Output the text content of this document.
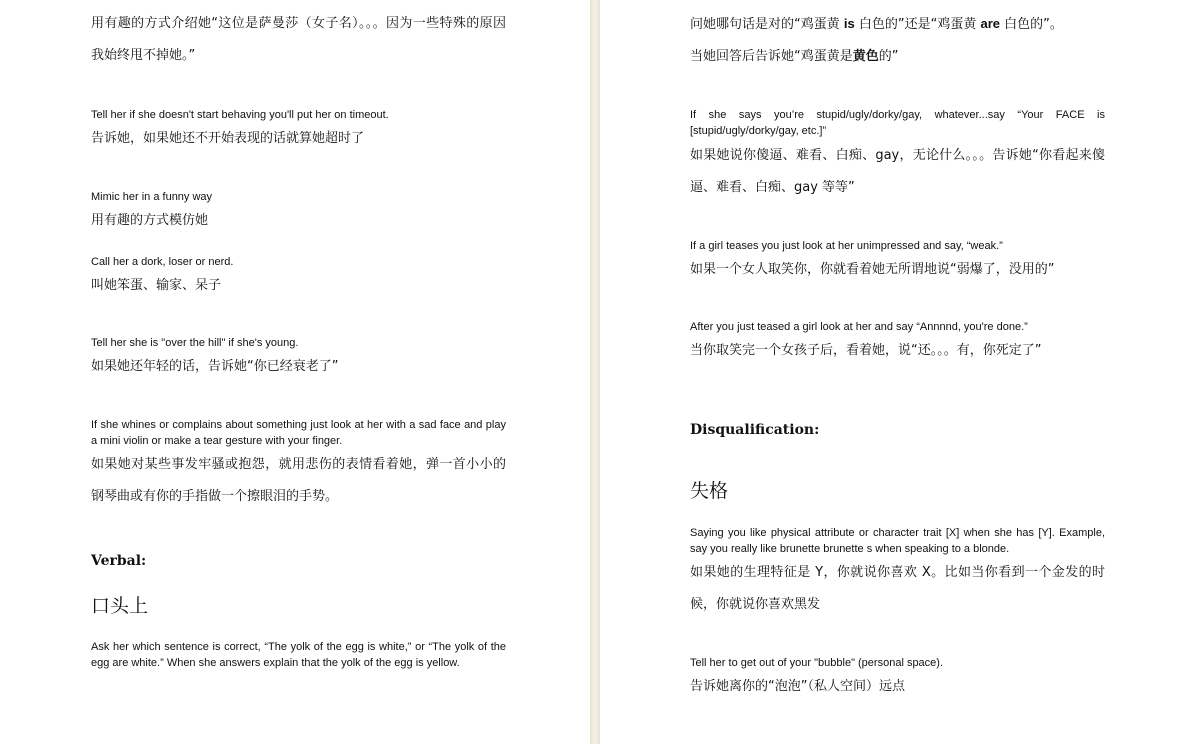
用有趣的方式介绍她“这位是萨曼莎（女子名）。。。因为一些特殊的原因我始终甩不掉她。”

Tell her if she doesn't start behaving you'll put her on timeout.

告诉她，如果她还不开始表现的话就算她超时了

Mimic her in a funny way

用有趣的方式模仿她

Call her a dork, loser or nerd.

叫她笨蛋、输家、呆子

Tell her she is "over the hill" if she's young.

如果她还年轻的话，告诉她“你已经衰老了”

If she whines or complains about something just look at her with a sad face and play a mini violin or make a tear gesture with your finger.

如果她对某些事发牢骚或抱怨，就用悲伤的表情看着她，弹一首小小的钢琴曲或有你的手指做一个擦眼泪的手势。

Verbal:

口头上

Ask her which sentence is correct, “The yolk of the egg is white,” or “The yolk of the egg are white.” When she answers explain that the yolk of the egg is yellow.

问她哪句话是对的“鸡蛋黄 is 白色的”还是“鸡蛋黄 are 白色的”。
当她回答后告诉她“鸡蛋黄是黄色的”

If she says you’re stupid/ugly/dorky/gay, whatever...say “Your FACE is [stupid/ugly/dorky/gay, etc.]”

如果她说你傻逼、难看、白痴、gay，无论什么。。。告诉她“你看起来傻逼、难看、白痴、gay 等等”

If a girl teases you just look at her unimpressed and say, “weak.”

如果一个女人取笑你，你就看着她无所谓地说“弱爆了，没用的”

After you just teased a girl look at her and say “Annnnd, you're done.”

当你取笑完一个女孩子后，看着她，说“还。。。有，你死定了”

Disqualification:

失格

Saying you like physical attribute or character trait [X] when she has [Y]. Example, say you really like brunette brunette s when speaking to a blonde.

如果她的生理特征是 Y，你就说你喜欢 X。比如当你看到一个金发的时候，你就说你喜欢黑发

Tell her to get out of your "bubble" (personal space).

告诉她离你的“泡泡”（私人空间）远点
